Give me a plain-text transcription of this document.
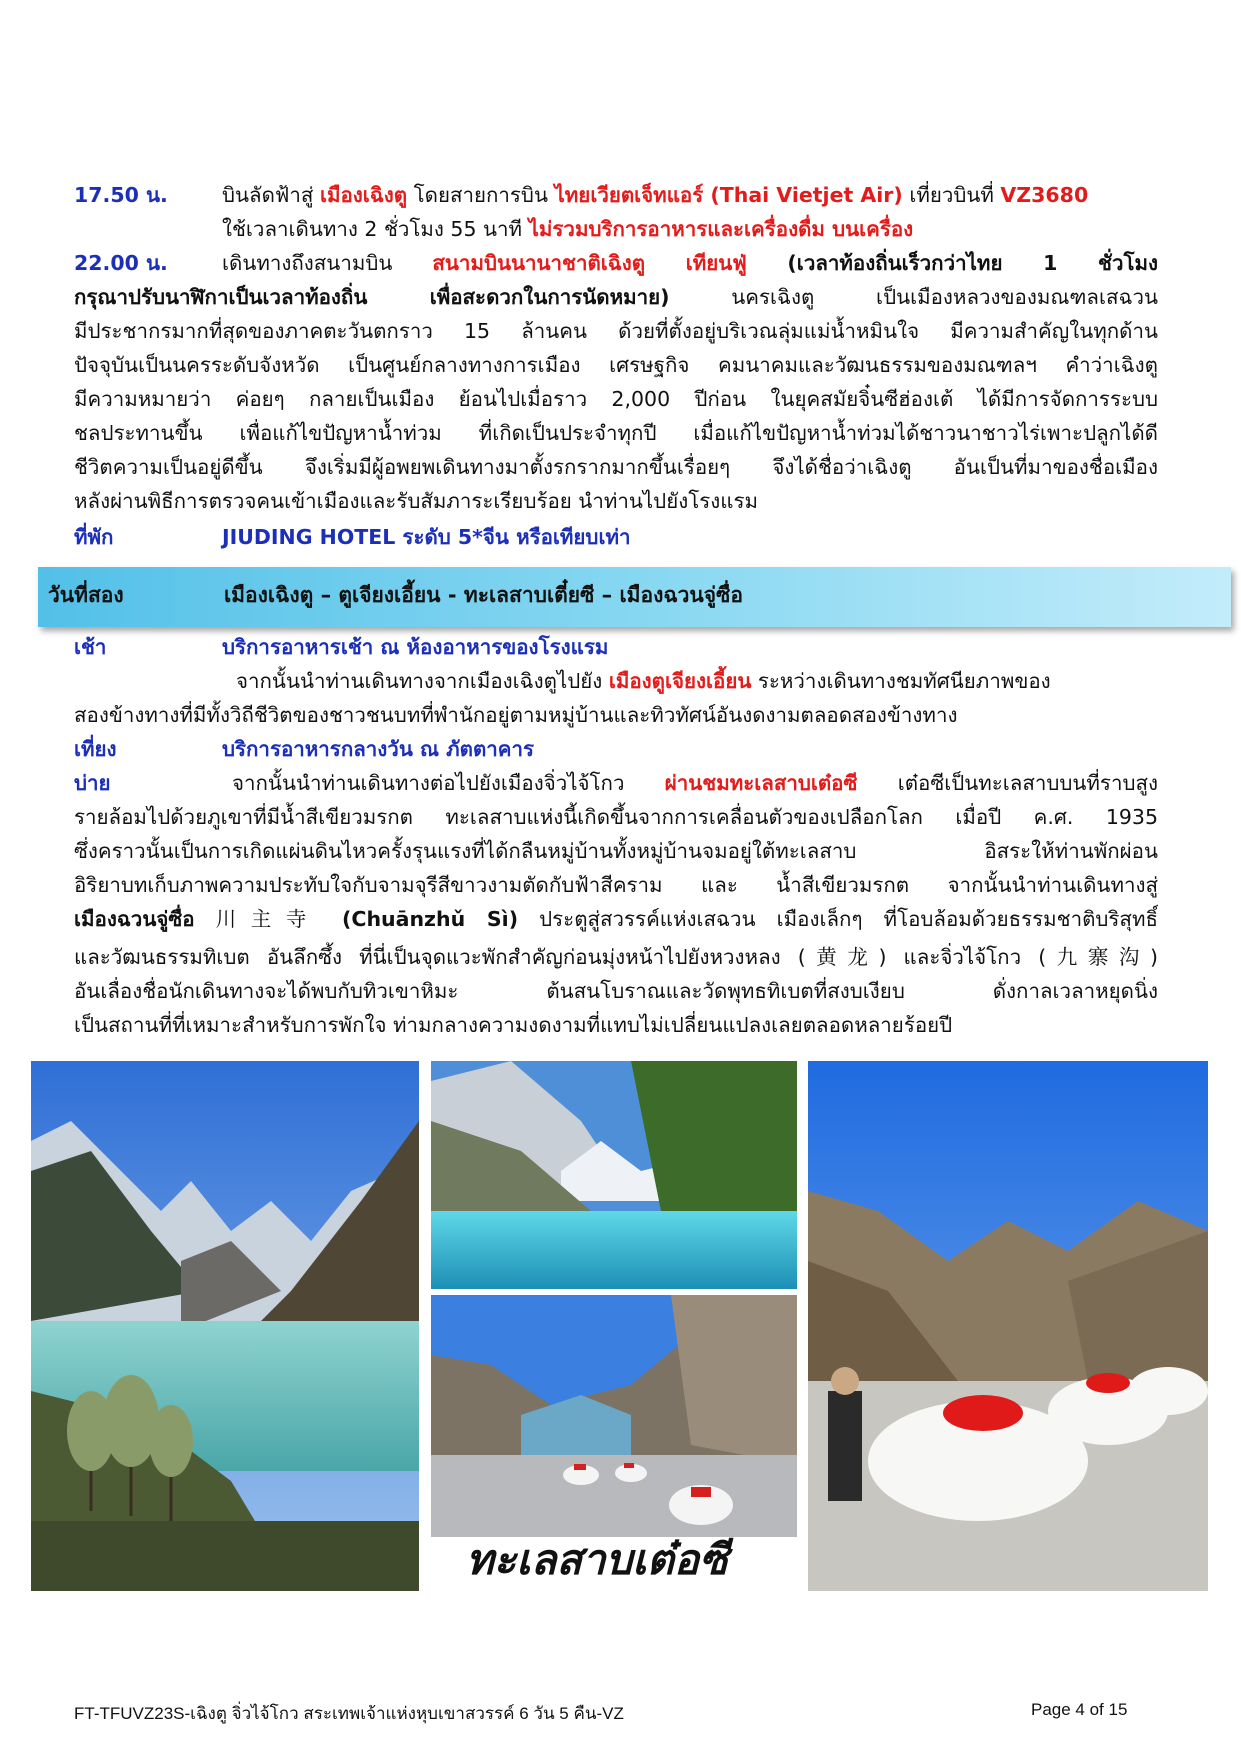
17.50 น.	บินลัดฟ้าสู่ เมืองเฉิงตู โดยสายการบิน ไทยเวียตเจ็ทแอร์ (Thai Vietjet Air) เที่ยวบินที่ VZ3680
ใช้เวลาเดินทาง 2 ชั่วโมง 55 นาที ไม่รวมบริการอาหารและเครื่องดื่ม บนเครื่อง
22.00 น.	เดินทางถึงสนามบิน สนามบินนานาชาติเฉิงตู เทียนฟู่ (เวลาท้องถิ่นเร็วกว่าไทย 1 ชั่วโมง
กรุณาปรับนาฬิกาเป็นเวลาท้องถิ่น เพื่อสะดวกในการนัดหมาย) นครเฉิงตู เป็นเมืองหลวงของมณฑลเสฉวน
มีประชากรมากที่สุดของภาคตะวันตกราว 15 ล้านคน ด้วยที่ตั้งอยู่บริเวณลุ่มแม่น้ำหมินใจ มีความสำคัญในทุกด้าน
ปัจจุบันเป็นนครระดับจังหวัด เป็นศูนย์กลางทางการเมือง เศรษฐกิจ คมนาคมและวัฒนธรรมของมณฑลฯ คำว่าเฉิงตู
มีความหมายว่า ค่อยๆ กลายเป็นเมือง ย้อนไปเมื่อราว 2,000 ปีก่อน ในยุคสมัยจิ๋นซีฮ่องเต้ ได้มีการจัดการระบบ
ชลประทานขึ้น เพื่อแก้ไขปัญหาน้ำท่วม ที่เกิดเป็นประจำทุกปี เมื่อแก้ไขปัญหาน้ำท่วมได้ชาวนาชาวไร่เพาะปลูกได้ดี
ชีวิตความเป็นอยู่ดีขึ้น จึงเริ่มมีผู้อพยพเดินทางมาตั้งรกรากมากขึ้นเรื่อยๆ จึงได้ชื่อว่าเฉิงตู อันเป็นที่มาของชื่อเมือง
หลังผ่านพิธีการตรวจคนเข้าเมืองและรับสัมภาระเรียบร้อย นำท่านไปยังโรงแรม
ที่พัก	JIUDING HOTEL ระดับ 5*จีน หรือเทียบเท่า
วันที่สอง	เมืองเฉิงตู – ตูเจียงเอี้ยน - ทะเลสาบเตี๋ยซี – เมืองฉวนจู่ซื่อ
เช้า	บริการอาหารเช้า ณ ห้องอาหารของโรงแรม
จากนั้นนำท่านเดินทางจากเมืองเฉิงตูไปยัง เมืองตูเจียงเอี้ยน ระหว่างเดินทางชมทัศนียภาพของ
สองข้างทางที่มีทั้งวิถีชีวิตของชาวชนบทที่พำนักอยู่ตามหมู่บ้านและทิวทัศน์อันงดงามตลอดสองข้างทาง
เที่ยง	บริการอาหารกลางวัน ณ ภัตตาคาร
บ่าย	จากนั้นนำท่านเดินทางต่อไปยังเมืองจิ่วไจ้โกว ผ่านชมทะเลสาบเต๋อซี เต๋อซีเป็นทะเลสาบบนที่ราบสูง
รายล้อมไปด้วยภูเขาที่มีน้ำสีเขียวมรกต ทะเลสาบแห่งนี้เกิดขึ้นจากการเคลื่อนตัวของเปลือกโลก เมื่อปี ค.ศ. 1935
ซึ่งคราวนั้นเป็นการเกิดแผ่นดินไหวครั้งรุนแรงที่ได้กลืนหมู่บ้านทั้งหมู่บ้านจมอยู่ใต้ทะเลสาบ อิสระให้ท่านพักผ่อน
อิริยาบทเก็บภาพความประทับใจกับจามจุรีสีขาวงามตัดกับฟ้าสีคราม และ น้ำสีเขียวมรกต จากนั้นนำท่านเดินทางสู่
เมืองฉวนจู่ซื่อ 川主寺 (Chuānzhǔ Sì) ประตูสู่สวรรค์แห่งเสฉวน เมืองเล็กๆ ที่โอบล้อมด้วยธรรมชาติบริสุทธิ์
และวัฒนธรรมทิเบต อันลึกซึ้ง ที่นี่เป็นจุดแวะพักสำคัญก่อนมุ่งหน้าไปยังหวงหลง (黄龙) และจิ่วไจ้โกว (九寨沟)
อันเลื่องชื่อนักเดินทางจะได้พบกับทิวเขาหิมะ ต้นสนโบราณและวัดพุทธทิเบตที่สงบเงียบ ดั่งกาลเวลาหยุดนิ่ง
เป็นสถานที่ที่เหมาะสำหรับการพักใจ ท่ามกลางความงดงามที่แทบไม่เปลี่ยนแปลงเลยตลอดหลายร้อยปี
ทะเลสาบเต๋อซี
FT-TFUVZ23S-เฉิงตู จิ่วไจ้โกว สระเทพเจ้าแห่งหุบเขาสวรรค์ 6 วัน 5 คืน-VZ	Page 4 of 15
